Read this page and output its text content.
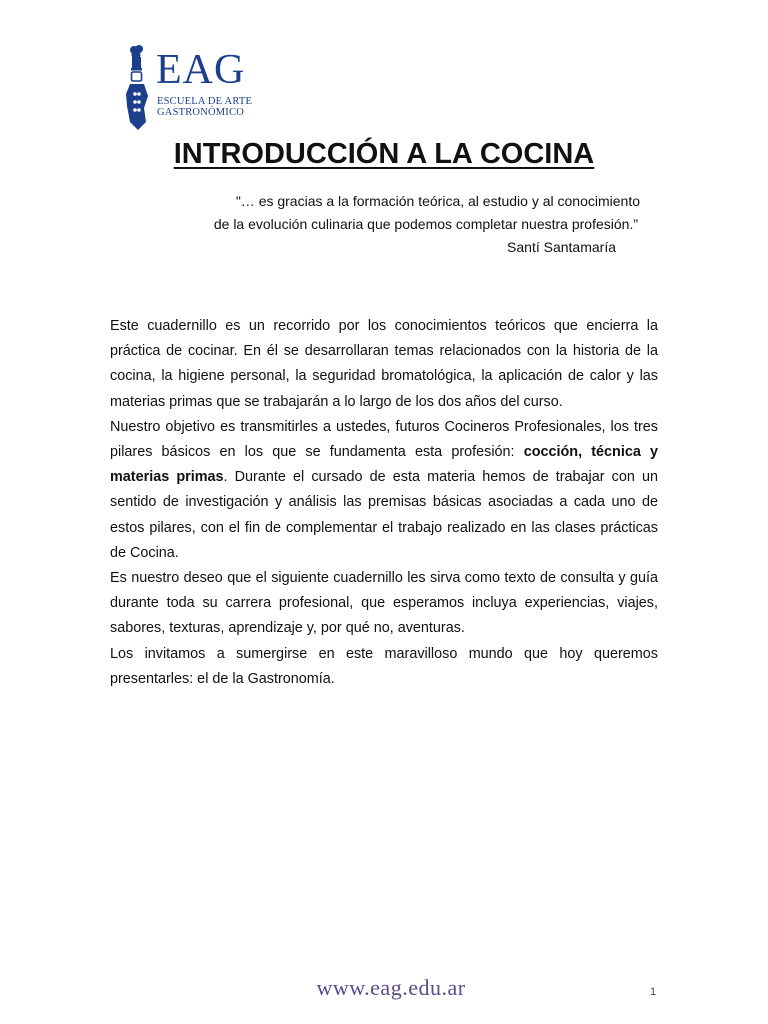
EAG
ESCUELA DE ARTE
GASTRONÓMICO
INTRODUCCIÓN A LA COCINA
"… es gracias a la formación teórica, al estudio y al conocimiento
de la evolución culinaria que podemos completar nuestra profesión.”
Santí Santamaría

Este cuadernillo es un recorrido por los conocimientos teóricos que encierra la práctica de cocinar. En él se desarrollaran temas relacionados con la historia de la cocina, la higiene personal, la seguridad bromatológica, la aplicación de calor y las materias primas que se trabajarán a lo largo de los dos años del curso.

Nuestro objetivo es transmitirles a ustedes, futuros Cocineros Profesionales, los tres pilares básicos en los que se fundamenta esta profesión: cocción, técnica y materias primas. Durante el cursado de esta materia hemos de trabajar con un sentido de investigación y análisis las premisas básicas asociadas a cada uno de estos pilares, con el fin de complementar el trabajo realizado en las clases prácticas de Cocina.

Es nuestro deseo que el siguiente cuadernillo les sirva como texto de consulta y guía durante toda su carrera profesional, que esperamos incluya experiencias, viajes, sabores, texturas, aprendizaje y, por qué no, aventuras.

Los invitamos a sumergirse en este maravilloso mundo que hoy queremos presentarles: el de la Gastronomía.

www.eag.edu.ar	1
